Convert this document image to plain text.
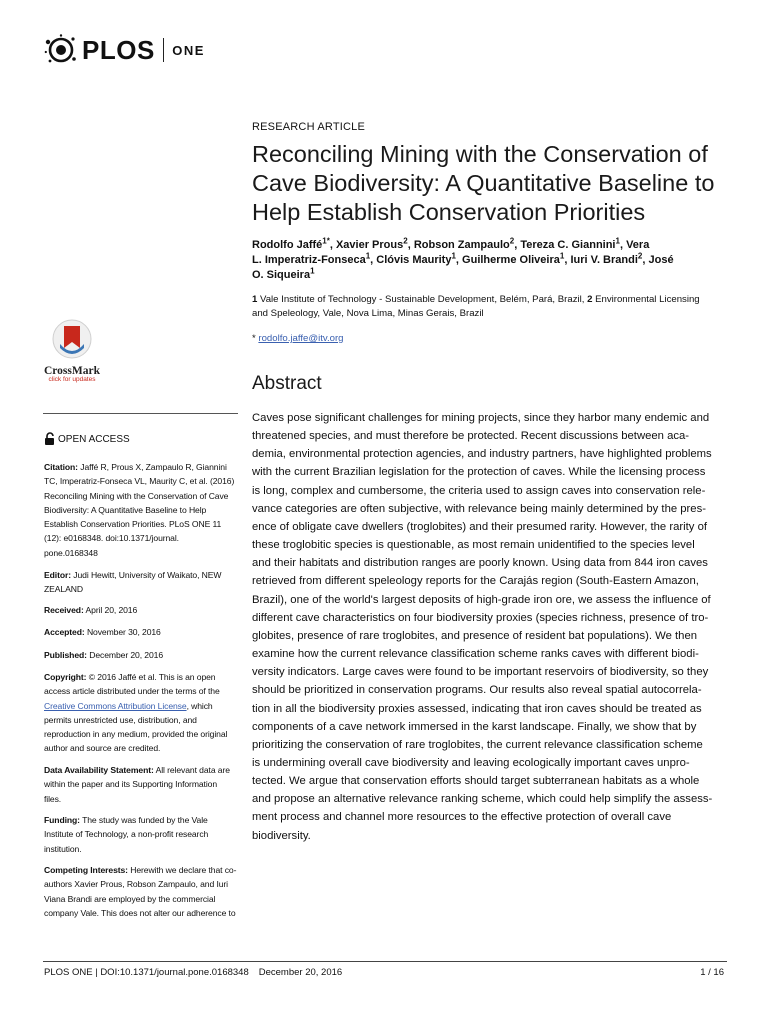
PLOS ONE
RESEARCH ARTICLE
Reconciling Mining with the Conservation of
Cave Biodiversity: A Quantitative Baseline to
Help Establish Conservation Priorities
Rodolfo Jaffé$^{1*}$, Xavier Prous$^2$, Robson Zampaulo$^2$, Tereza C. Giannini$^1$, Vera
L. Imperatriz-Fonseca$^1$, Clóvis Maurity$^1$, Guilherme Oliveira$^1$, Iuri V. Brandi$^2$, José
O. Siqueira$^1$
1 Vale Institute of Technology - Sustainable Development, Belém, Pará, Brazil, 2 Environmental Licensing
and Speleology, Vale, Nova Lima, Minas Gerais, Brazil
* rodolfo.jaffe@itv.org
CrossMark
click for updates	Abstract
Caves pose significant challenges for mining projects, since they harbor many endemic and
threatened species, and must therefore be protected. Recent discussions between aca-
demia, environmental protection agencies, and industry partners, have highlighted problems
with the current Brazilian legislation for the protection of caves. While the licensing process
is long, complex and cumbersome, the criteria used to assign caves into conservation rele-
vance categories are often subjective, with relevance being mainly determined by the pres-
ence of obligate cave dwellers (troglobites) and their presumed rarity. However, the rarity of
these troglobitic species is questionable, as most remain unidentified to the species level
and their habitats and distribution ranges are poorly known. Using data from 844 iron caves
retrieved from different speleology reports for the Carajás region (South-Eastern Amazon,
Brazil), one of the world's largest deposits of high-grade iron ore, we assess the influence of
different cave characteristics on four biodiversity proxies (species richness, presence of tro-
globites, presence of rare troglobites, and presence of resident bat populations). We then
examine how the current relevance classification scheme ranks caves with different biodi-
versity indicators. Large caves were found to be important reservoirs of biodiversity, so they
should be prioritized in conservation programs. Our results also reveal spatial autocorrela-
tion in all the biodiversity proxies assessed, indicating that iron caves should be treated as
components of a cave network immersed in the karst landscape. Finally, we show that by
prioritizing the conservation of rare troglobites, the current relevance classification scheme
is undermining overall cave biodiversity and leaving ecologically important caves unpro-
tected. We argue that conservation efforts should target subterranean habitats as a whole
and propose an alternative relevance ranking scheme, which could help simplify the assess-
ment process and channel more resources to the effective protection of overall cave
biodiversity.
OPEN ACCESS
Citation: Jaffé R, Prous X, Zampaulo R, Giannini
TC, Imperatriz-Fonseca VL, Maurity C, et al. (2016)
Reconciling Mining with the Conservation of Cave
Biodiversity: A Quantitative Baseline to Help
Establish Conservation Priorities. PLoS ONE 11
(12): e0168348. doi:10.1371/journal.
pone.0168348
Editor: Judi Hewitt, University of Waikato, NEW
ZEALAND
Received: April 20, 2016
Accepted: November 30, 2016
Published: December 20, 2016
Copyright: © 2016 Jaffé et al. This is an open
access article distributed under the terms of the
Creative Commons Attribution License, which
permits unrestricted use, distribution, and
reproduction in any medium, provided the original
author and source are credited.
Data Availability Statement: All relevant data are
within the paper and its Supporting Information
files.
Funding: The study was funded by the Vale
Institute of Technology, a non-profit research
institution.
Competing Interests: Herewith we declare that co-
authors Xavier Prous, Robson Zampaulo, and Iuri
Viana Brandi are employed by the commercial
company Vale. This does not alter our adherence to
PLOS ONE | DOI:10.1371/journal.pone.0168348 December 20, 2016	1 / 16
